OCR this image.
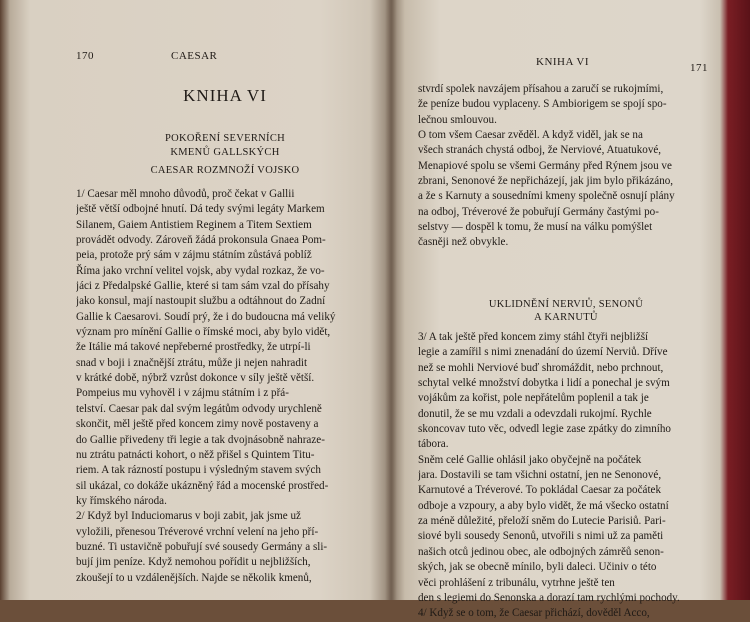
170	CAESAR
KNIHA VI
POKOŘENÍ SEVERNÍCH
KMENŮ GALLSKÝCH
CAESAR ROZMNOŽÍ VOJSKO
1/ Caesar měl mnoho důvodů, proč čekat v Gallii
ještě větší odbojné hnutí. Dá tedy svými legáty Markem
Silanem, Gaiem Antistiem Reginem a Titem Sextiem
provádět odvody. Zároveň žádá prokonsula Gnaea Pom-
peia, protože prý sám v zájmu státním zůstává poblíž
Říma jako vrchní velitel vojsk, aby vydal rozkaz, že vo-
jáci z Předalpské Gallie, které si tam sám vzal do přísahy
jako konsul, mají nastoupit službu a odtáhnout do Zadní
Gallie k Caesarovi. Soudí prý, že i do budoucna má veliký
význam pro mínění Gallie o římské moci, aby bylo vidět,
že Itálie má takové nepřeberné prostředky, že utrpí-li
snad v boji i značnější ztrátu, může ji nejen nahradit
v krátké době, nýbrž vzrůst dokonce v síly ještě větší.
Pompeius mu vyhověl i v zájmu státním i z přá-
telství. Caesar pak dal svým legátům odvody urychleně
skončit, měl ještě před koncem zimy nově postaveny a
do Gallie přivedeny tři legie a tak dvojnásobně nahraze-
nu ztrátu patnácti kohort, o něž přišel s Quintem Titu-
riem. A tak rázností postupu i výsledným stavem svých
sil ukázal, co dokáže ukázněný řád a mocenské prostřed-
ky římského národa.
2/ Když byl Induciomarus v boji zabit, jak jsme už
vyložili, přenesou Tréverové vrchní velení na jeho pří-
buzné. Ti ustavičně pobuřují své sousedy Germány a sli-
bují jim peníze. Když nemohou pořídit u nejbližších,
zkoušejí to u vzdálenějších. Najde se několik kmenů,
KNIHA VI	171
stvrdí spolek navzájem přísahou a zaručí se rukojmími,
že peníze budou vyplaceny. S Ambiorigem se spojí spo-
lečnou smlouvou.
O tom všem Caesar zvěděl. A když viděl, jak se na
všech stranách chystá odboj, že Nerviové, Atuatukové,
Menapiové spolu se všemi Germány před Rýnem jsou ve
zbrani, Senonové že nepřicházejí, jak jim bylo přikázáno,
a že s Karnuty a sousedními kmeny společně osnují plány
na odboj, Tréverové že pobuřují Germány častými po-
selstvy — dospěl k tomu, že musí na válku pomýšlet
časněji než obvykle.
UKLIDNĚNÍ NERVIŮ, SENONŮ
A KARNUTŮ
3/ A tak ještě před koncem zimy stáhl čtyři nejbližší
legie a zamířil s nimi znenadání do území Nerviů. Dříve
než se mohli Nerviové buď shromáždit, nebo prchnout,
schytal velké množství dobytka i lidí a ponechal je svým
vojákům za kořist, pole nepřátelům poplenil a tak je
donutil, že se mu vzdali a odevzdali rukojmí. Rychle
skoncovav tuto věc, odvedl legie zase zpátky do zimního
tábora.
Sněm celé Gallie ohlásil jako obyčejně na počátek
jara. Dostavili se tam všichni ostatní, jen ne Senonové,
Karnutové a Tréverové. To pokládal Caesar za počátek
odboje a vzpoury, a aby bylo vidět, že má všecko ostatní
za méně důležité, přeloží sněm do Lutecie Parisiů. Pari-
siové byli sousedy Senonů, utvořili s nimi už za paměti
našich otců jedinou obec, ale odbojných zámrěů senon-
ských, jak se obecně mínilo, byli daleci. Učiniv o této
věci prohlášení z tribunálu, vytrhne ještě ten
den s legiemi do Senonska a dorazí tam rychlými pochody.
4/ Když se o tom, že Caesar přichází, dověděl Acco,
